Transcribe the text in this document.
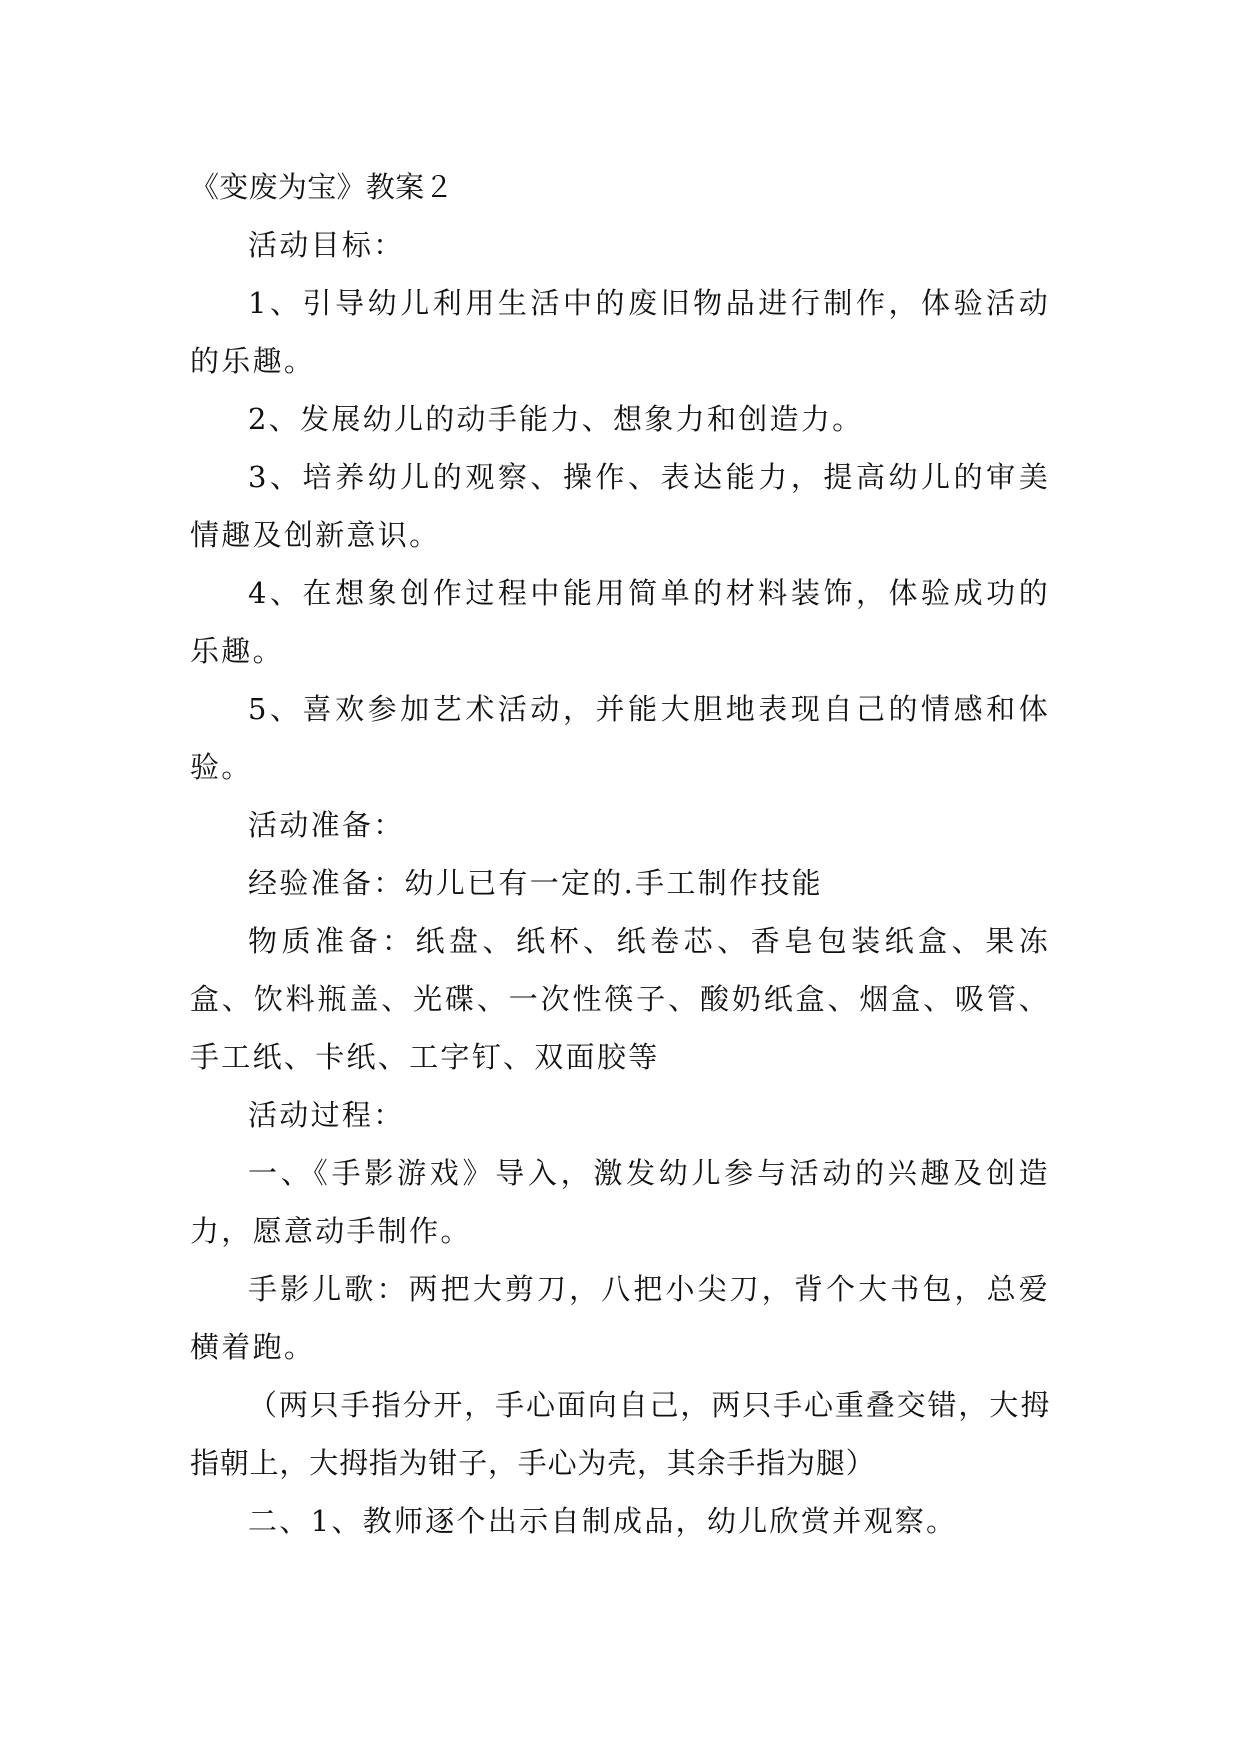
《变废为宝》教案２

活动目标：

1、引导幼儿利用生活中的废旧物品进行制作，体验活动的乐趣。

2、发展幼儿的动手能力、想象力和创造力。

3、培养幼儿的观察、操作、表达能力，提高幼儿的审美情趣及创新意识。

4、在想象创作过程中能用简单的材料装饰，体验成功的乐趣。

5、喜欢参加艺术活动，并能大胆地表现自己的情感和体验。

活动准备：

经验准备：幼儿已有一定的.手工制作技能

物质准备：纸盘、纸杯、纸卷芯、香皂包装纸盒、果冻盒、饮料瓶盖、光碟、一次性筷子、酸奶纸盒、烟盒、吸管、手工纸、卡纸、工字钉、双面胶等

活动过程：

一、《手影游戏》导入，激发幼儿参与活动的兴趣及创造力，愿意动手制作。

手影儿歌：两把大剪刀，八把小尖刀，背个大书包，总爱横着跑。

（两只手指分开，手心面向自己，两只手心重叠交错，大拇指朝上，大拇指为钳子，手心为壳，其余手指为腿）

二、1、教师逐个出示自制成品，幼儿欣赏并观察。
